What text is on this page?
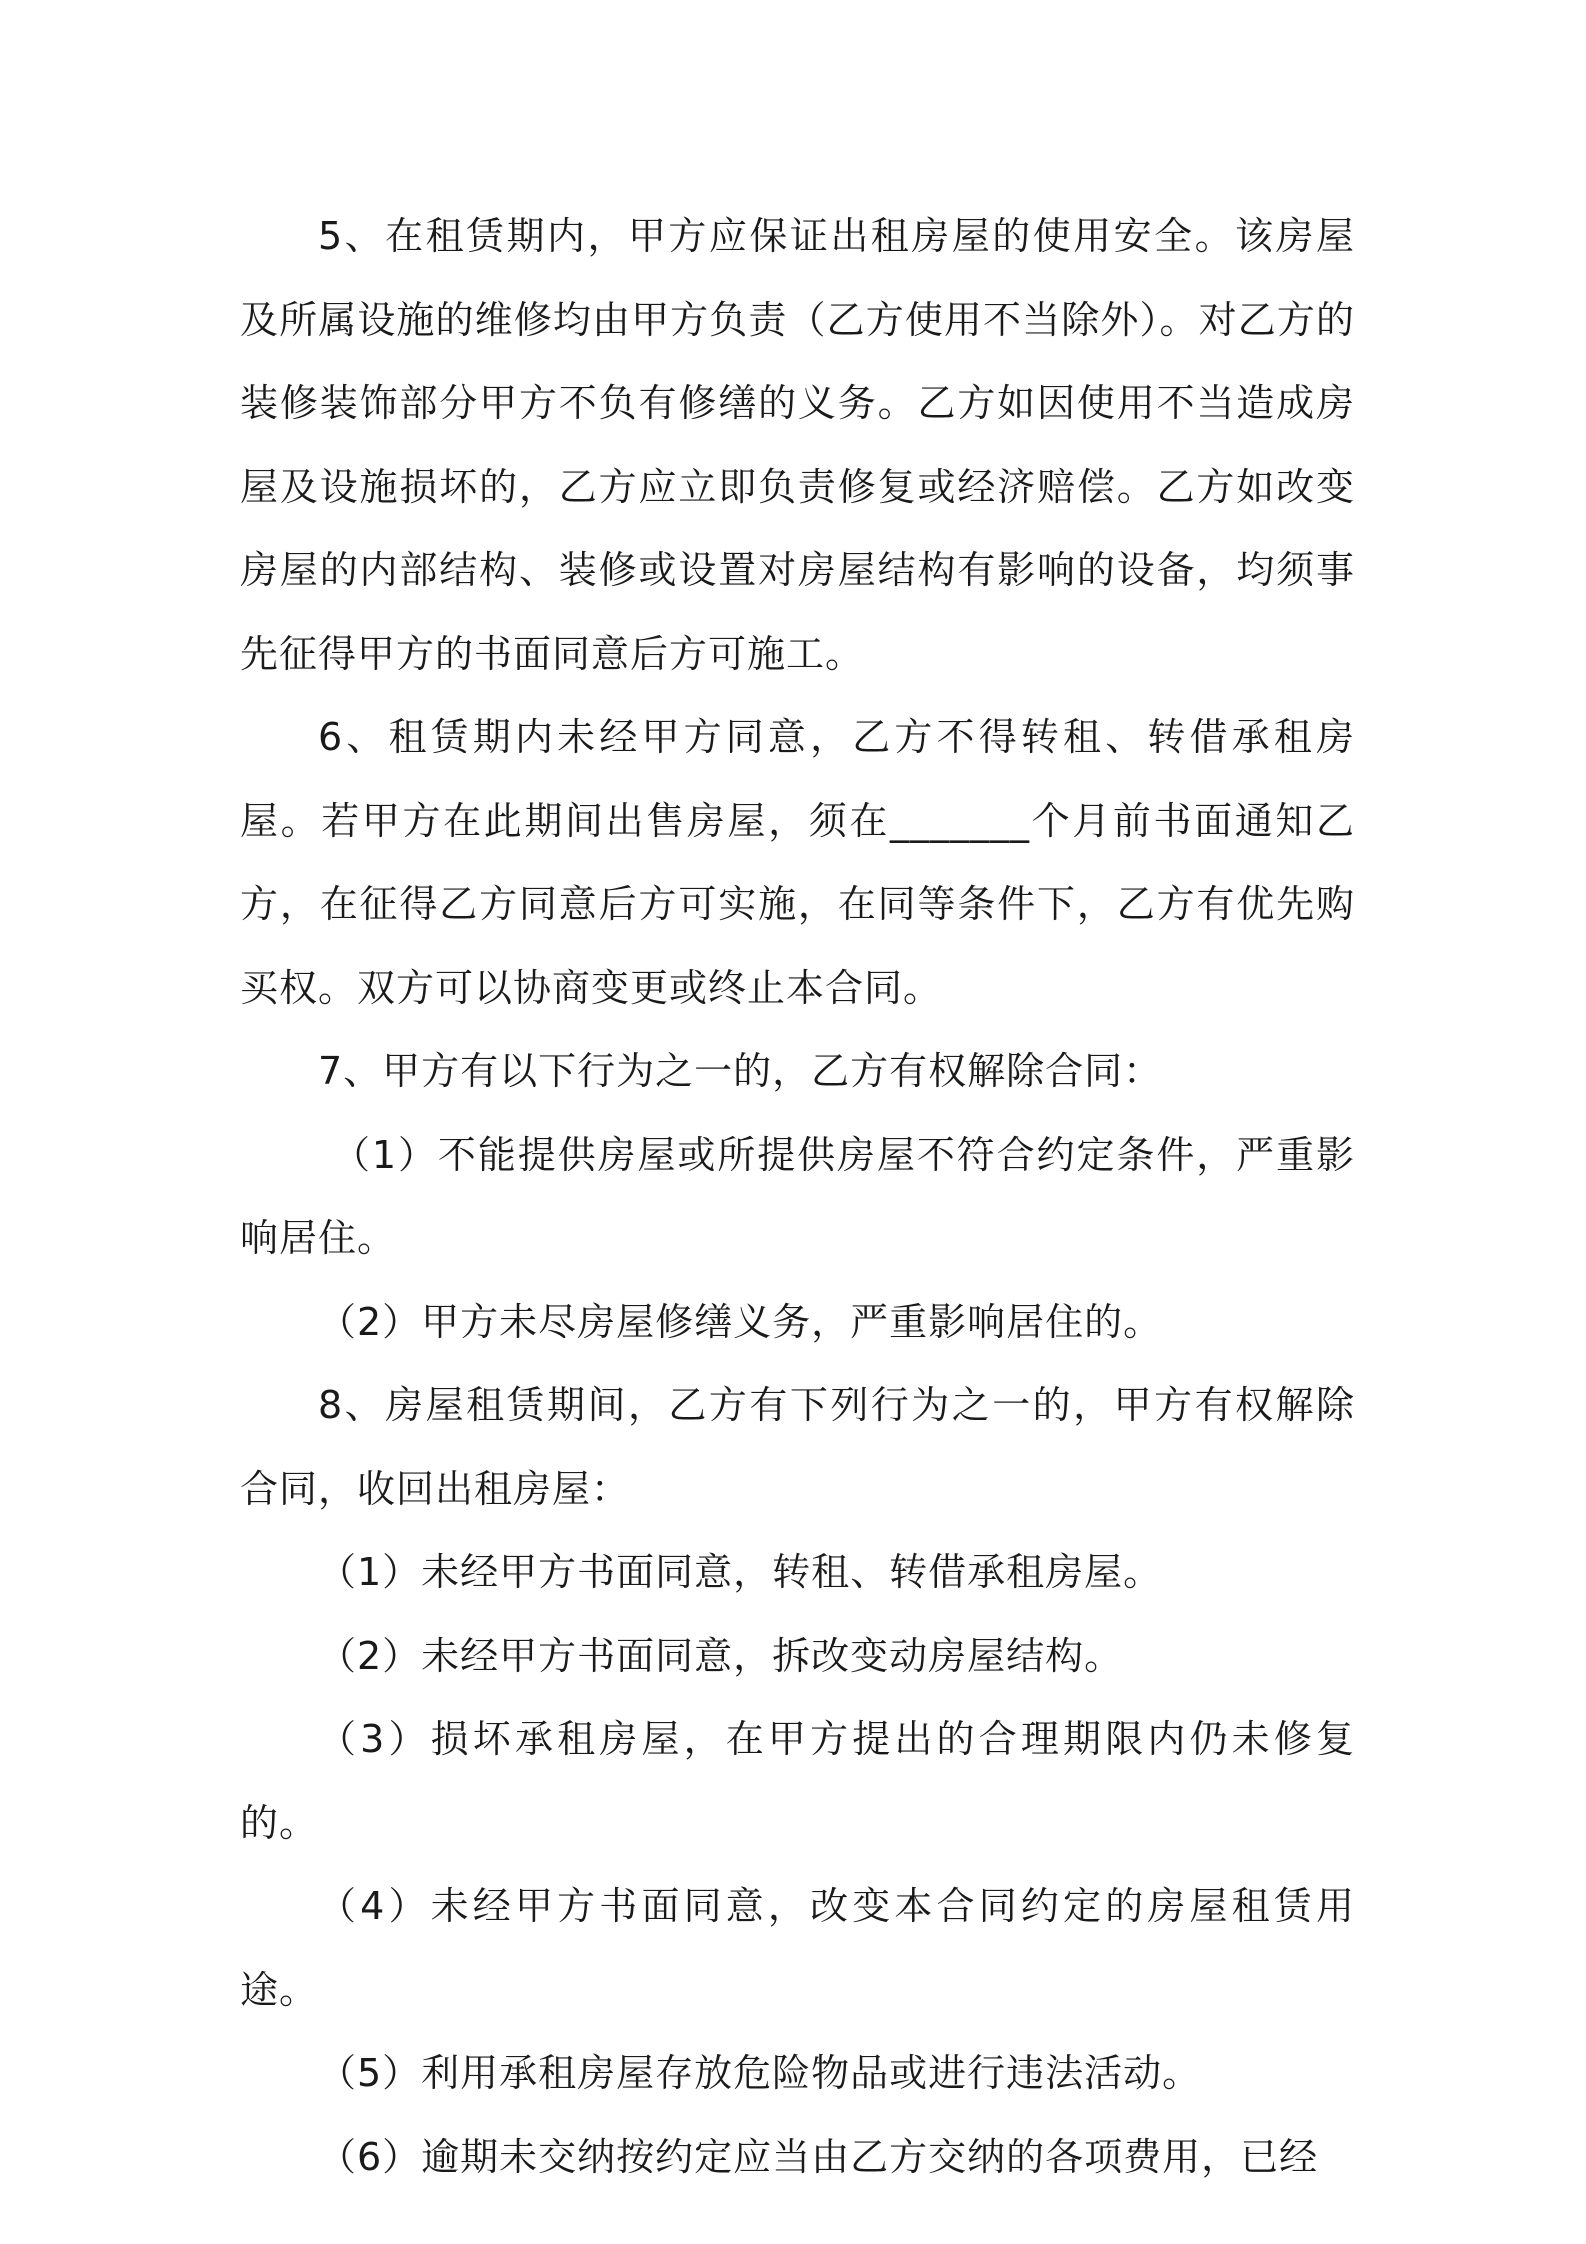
5、在租赁期内，甲方应保证出租房屋的使用安全。该房屋及所属设施的维修均由甲方负责（乙方使用不当除外）。对乙方的装修装饰部分甲方不负有修缮的义务。乙方如因使用不当造成房屋及设施损坏的，乙方应立即负责修复或经济赔偿。乙方如改变房屋的内部结构、装修或设置对房屋结构有影响的设备，均须事先征得甲方的书面同意后方可施工。

6、租赁期内未经甲方同意，乙方不得转租、转借承租房屋。若甲方在此期间出售房屋，须在_______个月前书面通知乙方，在征得乙方同意后方可实施，在同等条件下，乙方有优先购买权。双方可以协商变更或终止本合同。

7、甲方有以下行为之一的，乙方有权解除合同：

（1）不能提供房屋或所提供房屋不符合约定条件，严重影响居住。

（2）甲方未尽房屋修缮义务，严重影响居住的。

8、房屋租赁期间，乙方有下列行为之一的，甲方有权解除合同，收回出租房屋：

（1）未经甲方书面同意，转租、转借承租房屋。

（2）未经甲方书面同意，拆改变动房屋结构。

（3）损坏承租房屋，在甲方提出的合理期限内仍未修复的。

（4）未经甲方书面同意，改变本合同约定的房屋租赁用途。

（5）利用承租房屋存放危险物品或进行违法活动。

（6）逾期未交纳按约定应当由乙方交纳的各项费用，已经
